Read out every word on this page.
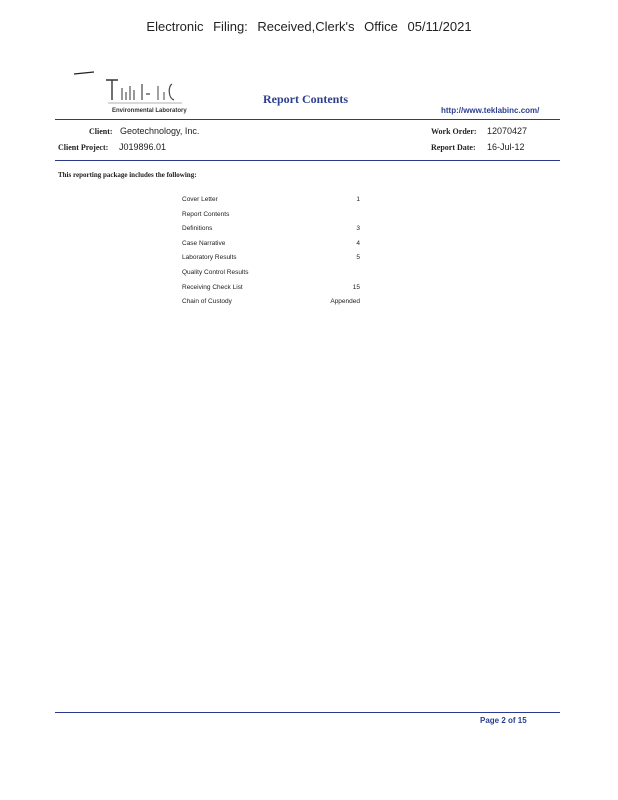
Electronic Filing: Received,Clerk's Office 05/11/2021
Environmental Laboratory
Report Contents
http://www.teklabinc.com/
Client: Geotechnology, Inc.
Client Project: J019896.01
Work Order: 12070427
Report Date: 16-Jul-12
This reporting package includes the following:
Cover Letter	1
Report Contents
Definitions	3
Case Narrative	4
Laboratory Results	5
Quality Control Results
Receiving Check List	15
Chain of Custody	Appended
Page 2 of 15
